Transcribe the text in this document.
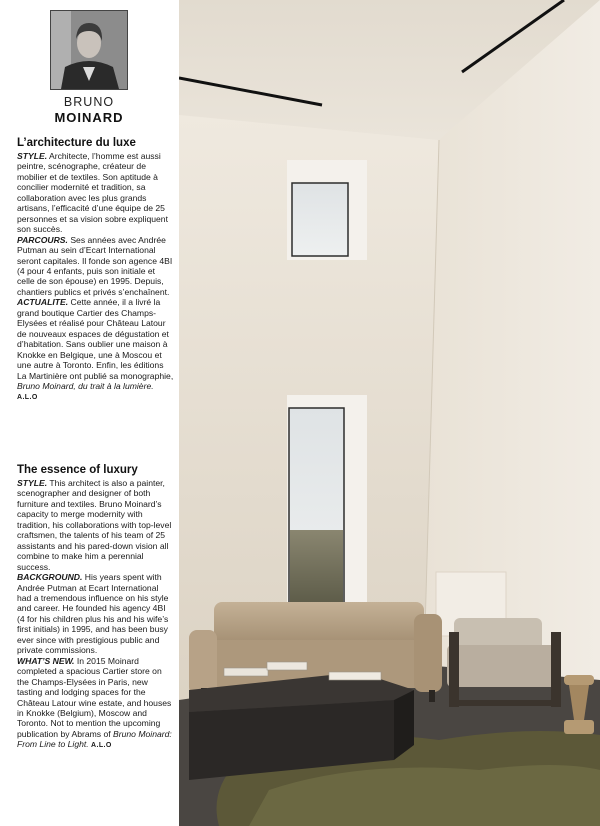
BRUNO
MOINARD
L’architecture du luxe

STYLE. Architecte, l’homme est aussi peintre, scénographe, créateur de mobilier et de textiles. Son aptitude à concilier modernité et tradition, sa collaboration avec les plus grands artisans, l’efficacité d’une équipe de 25 personnes et sa vision sobre expliquent son succès.
PARCOURS. Ses années avec Andrée Putman au sein d’Ecart International seront capitales. Il fonde son agence 4BI (4 pour 4 enfants, puis son initiale et celle de son épouse) en 1995. Depuis, chantiers publics et privés s’enchaînent.
ACTUALITE. Cette année, il a livré la grand boutique Cartier des Champs-Elysées et réalisé pour Château Latour de nouveaux espaces de dégustation et d’habitation. Sans oublier une maison à Knokke en Belgique, une à Moscou et une autre à Toronto. Enfin, les éditions La Martinière ont publié sa monographie, Bruno Moinard, du trait à la lumière. A.L.O

The essence of luxury

STYLE. This architect is also a painter, scenographer and designer of both furniture and textiles. Bruno Moinard’s capacity to merge modernity with tradition, his collaborations with top-level craftsmen, the talents of his team of 25 assistants and his pared-down vision all combine to make him a perennial success.
BACKGROUND. His years spent with Andrée Putman at Ecart International had a tremendous influence on his style and career. He founded his agency 4BI (4 for his children plus his and his wife’s first initials) in 1995, and has been busy ever since with prestigious public and private commissions.
WHAT’S NEW. In 2015 Moinard completed a spacious Cartier store on the Champs-Elysées in Paris, new tasting and lodging spaces for the Château Latour wine estate, and houses in Knokke (Belgium), Moscow and Toronto. Not to mention the upcoming publication by Abrams of Bruno Moinard: From Line to Light. A.L.O
